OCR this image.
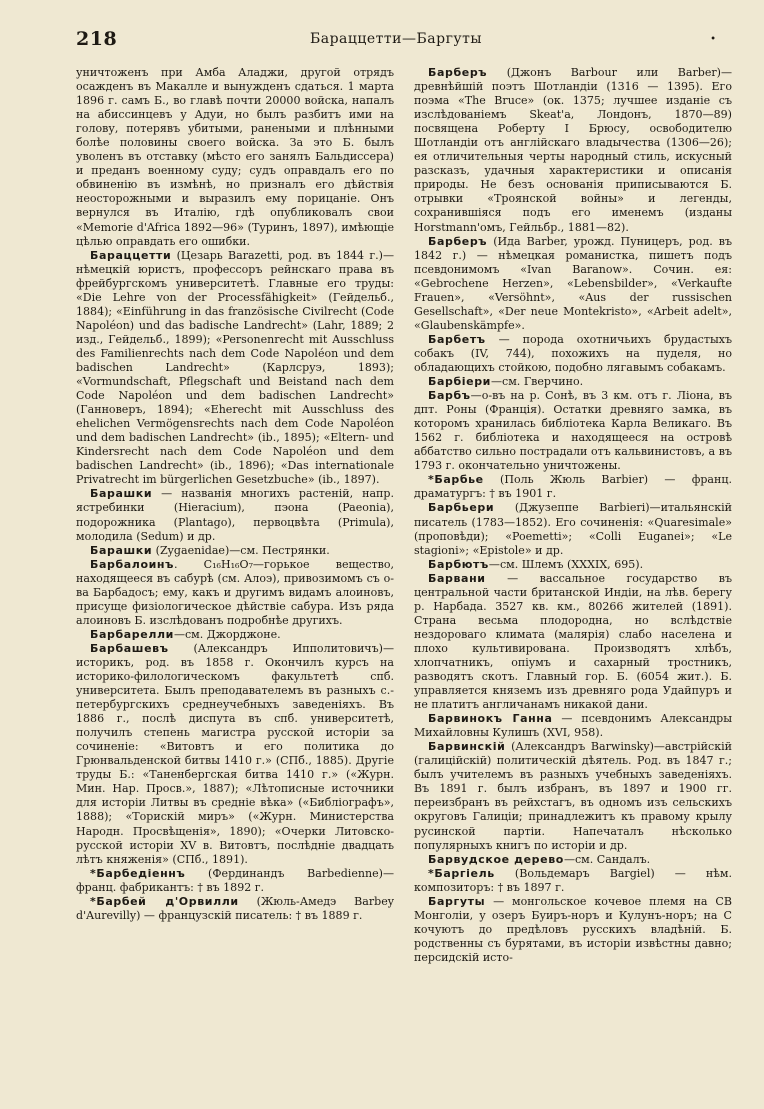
218	Бараццетти—Баргуты	•

уничтоженъ при Амба Аладжи, другой отрядъ осажденъ въ Макалле и вынужденъ сдаться. 1 марта 1896 г. самъ Б., во главѣ почти 20000 войска, напалъ на абиссинцевъ у Адуи, но былъ разбитъ ими на голову, потерявъ убитыми, ранеными и плѣнными болѣе половины своего войска. За это Б. былъ уволенъ въ отставку (мѣсто его занялъ Бальдиссера) и преданъ военному суду; судъ оправдалъ его по обвиненію въ измѣнѣ, но призналъ его дѣйствія неосторожными и выразилъ ему порицаніе. Онъ вернулся въ Италію, гдѣ опубликовалъ свои «Memorie d'Africa 1892—96» (Туринъ, 1897), имѣющіе цѣлью оправдать его ошибки.

Бараццетти (Цезарь Barazetti, род. въ 1844 г.)—нѣмецкій юристъ, профессоръ рейнскаго права въ фрейбургскомъ университетѣ. Главные его труды: «Die Lehre von der Processfähigkeit» (Гейдельб., 1884); «Einführung in das französische Civilrecht (Code Napoléon) und das badische Landrecht» (Lahr, 1889; 2 изд., Гейдельб., 1899); «Personenrecht mit Ausschluss des Familienrechts nach dem Code Napoléon und dem badischen Landrecht» (Карлсруэ, 1893); «Vormundschaft, Pflegschaft und Beistand nach dem Code Napoléon und dem badischen Landrecht» (Ганноверъ, 1894); «Eherecht mit Ausschluss des ehelichen Vermögensrechts nach dem Code Napoléon und dem badischen Landrecht» (ib., 1895); «Eltern- und Kindersrecht nach dem Code Napoléon und dem badischen Landrecht» (ib., 1896); «Das internationale Privatrecht im bürgerlichen Gesetzbuche» (ib., 1897).

Барашки — названія многихъ растеній, напр. ястребинки (Hieracium), пэона (Paeonia), подорожника (Plantago), первоцвѣта (Primula), молодила (Sedum) и др.

Барашки (Zygaenidae)—см. Пестрянки.

Барбалоинъ. C₁₆H₁₆O₇—горькое вещество, находящееся въ сабурѣ (см. Алоэ), привозимомъ съ о-ва Барбадосъ; ему, какъ и другимъ видамъ алоиновъ, присуще физіологическое дѣйствіе сабура. Изъ ряда алоиновъ Б. изслѣдованъ подробнѣе другихъ.

Барбарелли—см. Джорджоне.

Барбашевъ (Александръ Ипполитовичъ)—историкъ, род. въ 1858 г. Окончилъ курсъ на историко-филологическомъ факультетѣ спб. университета. Былъ преподавателемъ въ разныхъ с.-петербургскихъ среднеучебныхъ заведеніяхъ. Въ 1886 г., послѣ диспута въ спб. университетѣ, получилъ степень магистра русской исторіи за сочиненіе: «Витовтъ и его политика до Грюнвальденской битвы 1410 г.» (СПб., 1885). Другіе труды Б.: «Таненбергская битва 1410 г.» («Журн. Мин. Нар. Просв.», 1887); «Лѣтописные источники для исторіи Литвы въ средніе вѣка» («Библіографъ», 1888); «Торискій миръ» («Журн. Министерства Народн. Просвѣщенія», 1890); «Очерки Литовско-русской исторіи XV в. Витовтъ, послѣдніе двадцать лѣтъ княженія» (СПб., 1891).

*Барбедіеннъ (Фердинандъ Barbedienne)—франц. фабрикантъ: † въ 1892 г.

*Барбей д'Орвилли (Жюль-Амедэ Barbey d'Aurevilly) — французскій писатель: † въ 1889 г.

Барберъ (Джонъ Barbour или Barber)—древнѣйшій поэтъ Шотландіи (1316 — 1395). Его поэма «The Bruce» (ок. 1375; лучшее изданіе съ изслѣдованіемъ Skeat'a, Лондонъ, 1870—89) посвящена Роберту I Брюсу, освободителю Шотландіи отъ англійскаго владычества (1306—26); ея отличительныя черты народный стиль, искусный разсказъ, удачныя характеристики и описанія природы. Не безъ основанія приписываются Б. отрывки «Троянской войны» и легенды, сохранившіяся подъ его именемъ (изданы Horstmann'омъ, Гейльбр., 1881—82).

Барберъ (Ида Barber, урожд. Пуницеръ, род. въ 1842 г.) — нѣмецкая романистка, пишетъ подъ псевдонимомъ «Ivan Baranow». Сочин. ея: «Gebrochene Herzen», «Lebensbilder», «Verkaufte Frauen», «Versöhnt», «Aus der russischen Gesellschaft», «Der neue Montekristo», «Arbeit adelt», «Glaubenskämpfe».

Барбетъ — порода охотничьихъ брудастыхъ собакъ (IV, 744), похожихъ на пуделя, но обладающихъ стойкою, подобно лягавымъ собакамъ.

Барбіери—см. Гверчино.

Барбъ—о-въ на р. Сонѣ, въ 3 км. отъ г. Ліона, въ дпт. Роны (Франція). Остатки древняго замка, въ которомъ хранилась библіотека Карла Великаго. Въ 1562 г. библіотека и находящееся на островѣ аббатство сильно пострадали отъ кальвинистовъ, а въ 1793 г. окончательно уничтожены.

*Барбье (Поль Жюль Barbier) — франц. драматургъ: † въ 1901 г.

Барбьери (Джузеппе Barbieri)—итальянскій писатель (1783—1852). Его сочиненія: «Quaresimale» (проповѣди); «Poemetti»; «Colli Euganei»; «Le stagioni»; «Epistole» и др.

Барбютъ—см. Шлемъ (XXXIX, 695).

Барвани — вассальное государство въ центральной части британской Индіи, на лѣв. берегу р. Нарбада. 3527 кв. км., 80266 жителей (1891). Страна весьма плодородна, но вслѣдствіе нездороваго климата (малярія) слабо населена и плохо культивирована. Производятъ хлѣбъ, хлопчатникъ, опіумъ и сахарный тростникъ, разводятъ скотъ. Главный гор. Б. (6054 жит.). Б. управляется княземъ изъ древняго рода Удайпуръ и не платитъ англичанамъ никакой дани.

Барвинокъ Ганна — псевдонимъ Александры Михайловны Кулишъ (XVI, 958).

Барвинскій (Александръ Barwinsky)—австрійскій (галиційскій) политическій дѣятель. Род. въ 1847 г.; былъ учителемъ въ разныхъ учебныхъ заведеніяхъ. Въ 1891 г. былъ избранъ, въ 1897 и 1900 гг. переизбранъ въ рейхстагъ, въ одномъ изъ сельскихъ округовъ Галиціи; принадлежитъ къ правому крылу русинской партіи. Напечаталъ нѣсколько популярныхъ книгъ по исторіи и др.

Барвудское дерево—см. Сандалъ.

*Баргіель (Вольдемаръ Bargiel) — нѣм. композиторъ: † въ 1897 г.

Баргуты — монгольское кочевое племя на СВ Монголіи, у озеръ Буиръ-норъ и Кулунъ-норъ; на С кочуютъ до предѣловъ русскихъ владѣній. Б. родственны съ бурятами, въ исторіи извѣстны давно; персидскій исто-
